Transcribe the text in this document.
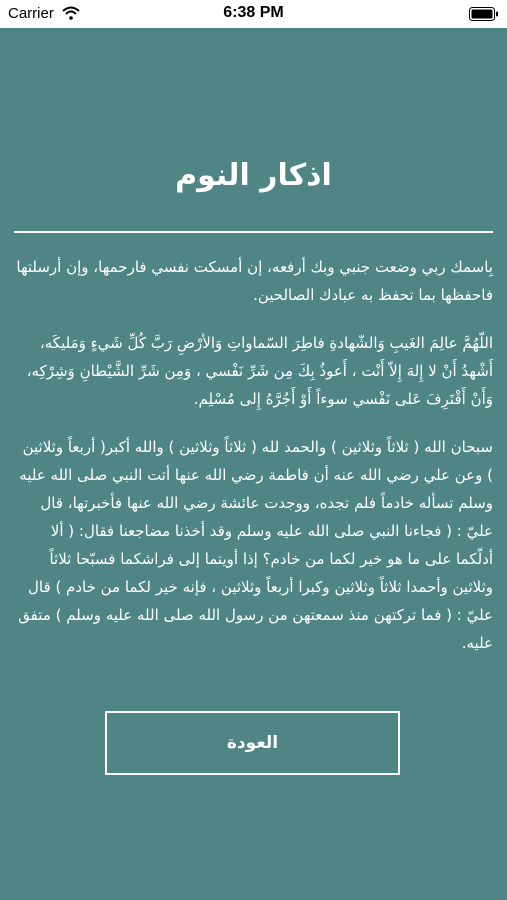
Carrier	6:38 PM
اذكار النوم

بِاسمك ربي وضعت جنبي وبك أرفعه، إن أمسكت نفسي فارحمها، وإن أرسلتها فاحفظها بما تحفظ به عبادك الصالحين.

اللّهُمَّ عالِمَ الغَيبِ وَالشّهادةِ فاطِرَ السّماواتِ وَالأرْضِ رَبَّ كُلِّ شَيءٍ وَمَليكَه، أَشْهدُ أَنْ لا إِلهَ إِلاّ أَنْت ، أَعوذُ بِكَ مِن شَرِّ نَفْسي ، وَمِن شَرِّ الشَّيْطانِ وَشِرْكِه، وَأَنْ أَقْتَرِفَ عَلى نَفْسي سوءاً أَوْ أَجُرَّهُ إِلى مُسْلِم.

سبحان الله ( ثلاثاً وثلاثين ) والحمد لله ( ثلاثاً وثلاثين ) والله أكبر( أربعاً وثلاثين ) وعن علي رضي الله عنه أن فاطمة رضي الله عنها أتت النبي صلى الله عليه وسلم تسأله خادماً فلم تجده، ووجدت عائشة رضي الله عنها فأخبرتها، قال عليّ : ( فجاءنا النبي صلى الله عليه وسلم وقد أخذنا مضاجعنا فقال: ( ألا أدلّكما على ما هو خير لكما من خادم؟ إذا أويتما إلى فراشكما فسبّحا ثلاثاً وثلاثين وأحمدا ثلاثاً وثلاثين وكبرا أربعاً وثلاثين ، فإنه خير لكما من خادم ) قال عليّ : ( فما تركتهن منذ سمعتهن من رسول الله صلى الله عليه وسلم ) متفق عليه.

العودة
